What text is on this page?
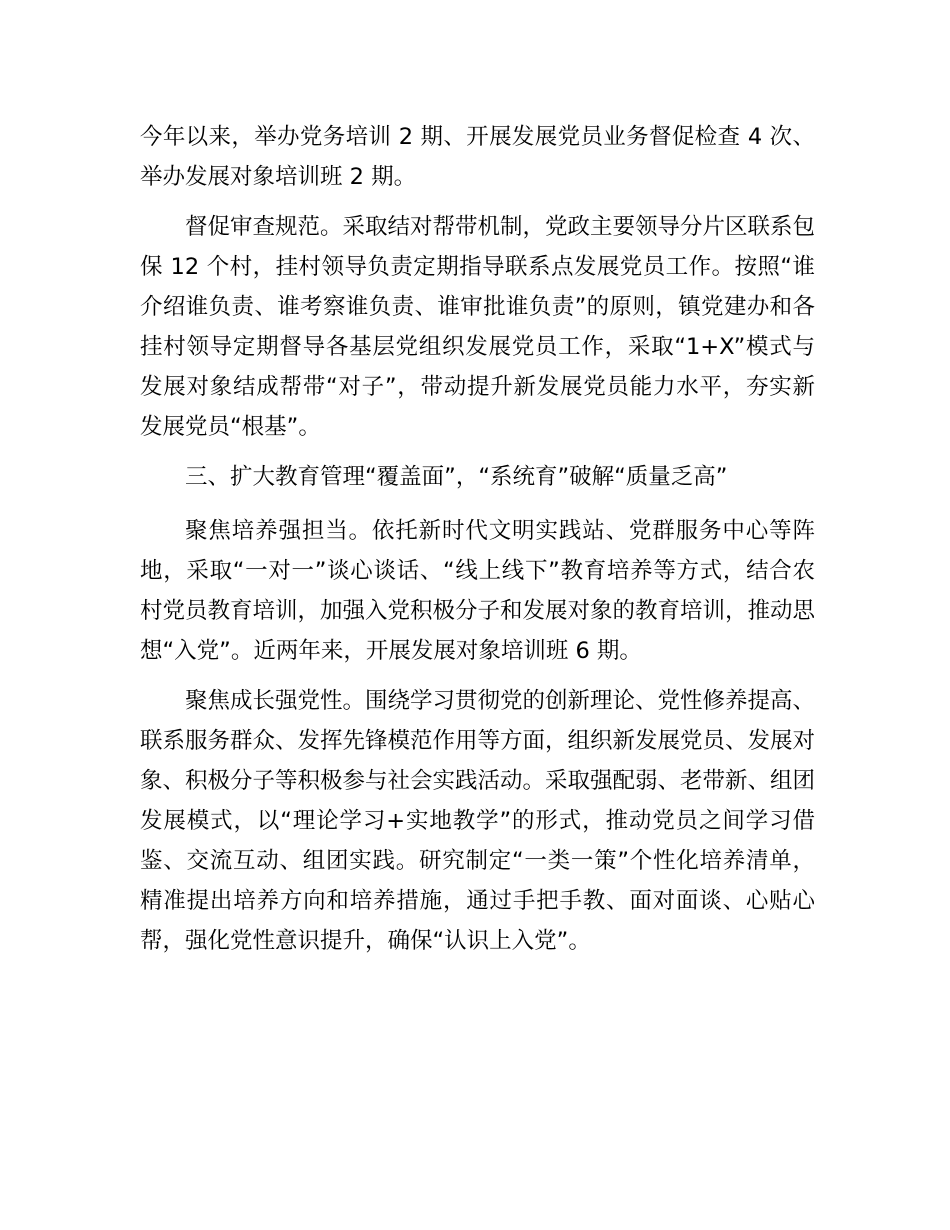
今年以来，举办党务培训 2 期、开展发展党员业务督促检查 4 次、举办发展对象培训班 2 期。

督促审查规范。采取结对帮带机制，党政主要领导分片区联系包保 12 个村，挂村领导负责定期指导联系点发展党员工作。按照“谁介绍谁负责、谁考察谁负责、谁审批谁负责”的原则，镇党建办和各挂村领导定期督导各基层党组织发展党员工作，采取“1+X”模式与发展对象结成帮带“对子”，带动提升新发展党员能力水平，夯实新发展党员“根基”。

三、扩大教育管理“覆盖面”，“系统育”破解“质量乏高”

聚焦培养强担当。依托新时代文明实践站、党群服务中心等阵地，采取“一对一”谈心谈话、“线上线下”教育培养等方式，结合农村党员教育培训，加强入党积极分子和发展对象的教育培训，推动思想“入党”。近两年来，开展发展对象培训班 6 期。

聚焦成长强党性。围绕学习贯彻党的创新理论、党性修养提高、联系服务群众、发挥先锋模范作用等方面，组织新发展党员、发展对象、积极分子等积极参与社会实践活动。采取强配弱、老带新、组团发展模式，以“理论学习+实地教学”的形式，推动党员之间学习借鉴、交流互动、组团实践。研究制定“一类一策”个性化培养清单，精准提出培养方向和培养措施，通过手把手教、面对面谈、心贴心帮，强化党性意识提升，确保“认识上入党”。
